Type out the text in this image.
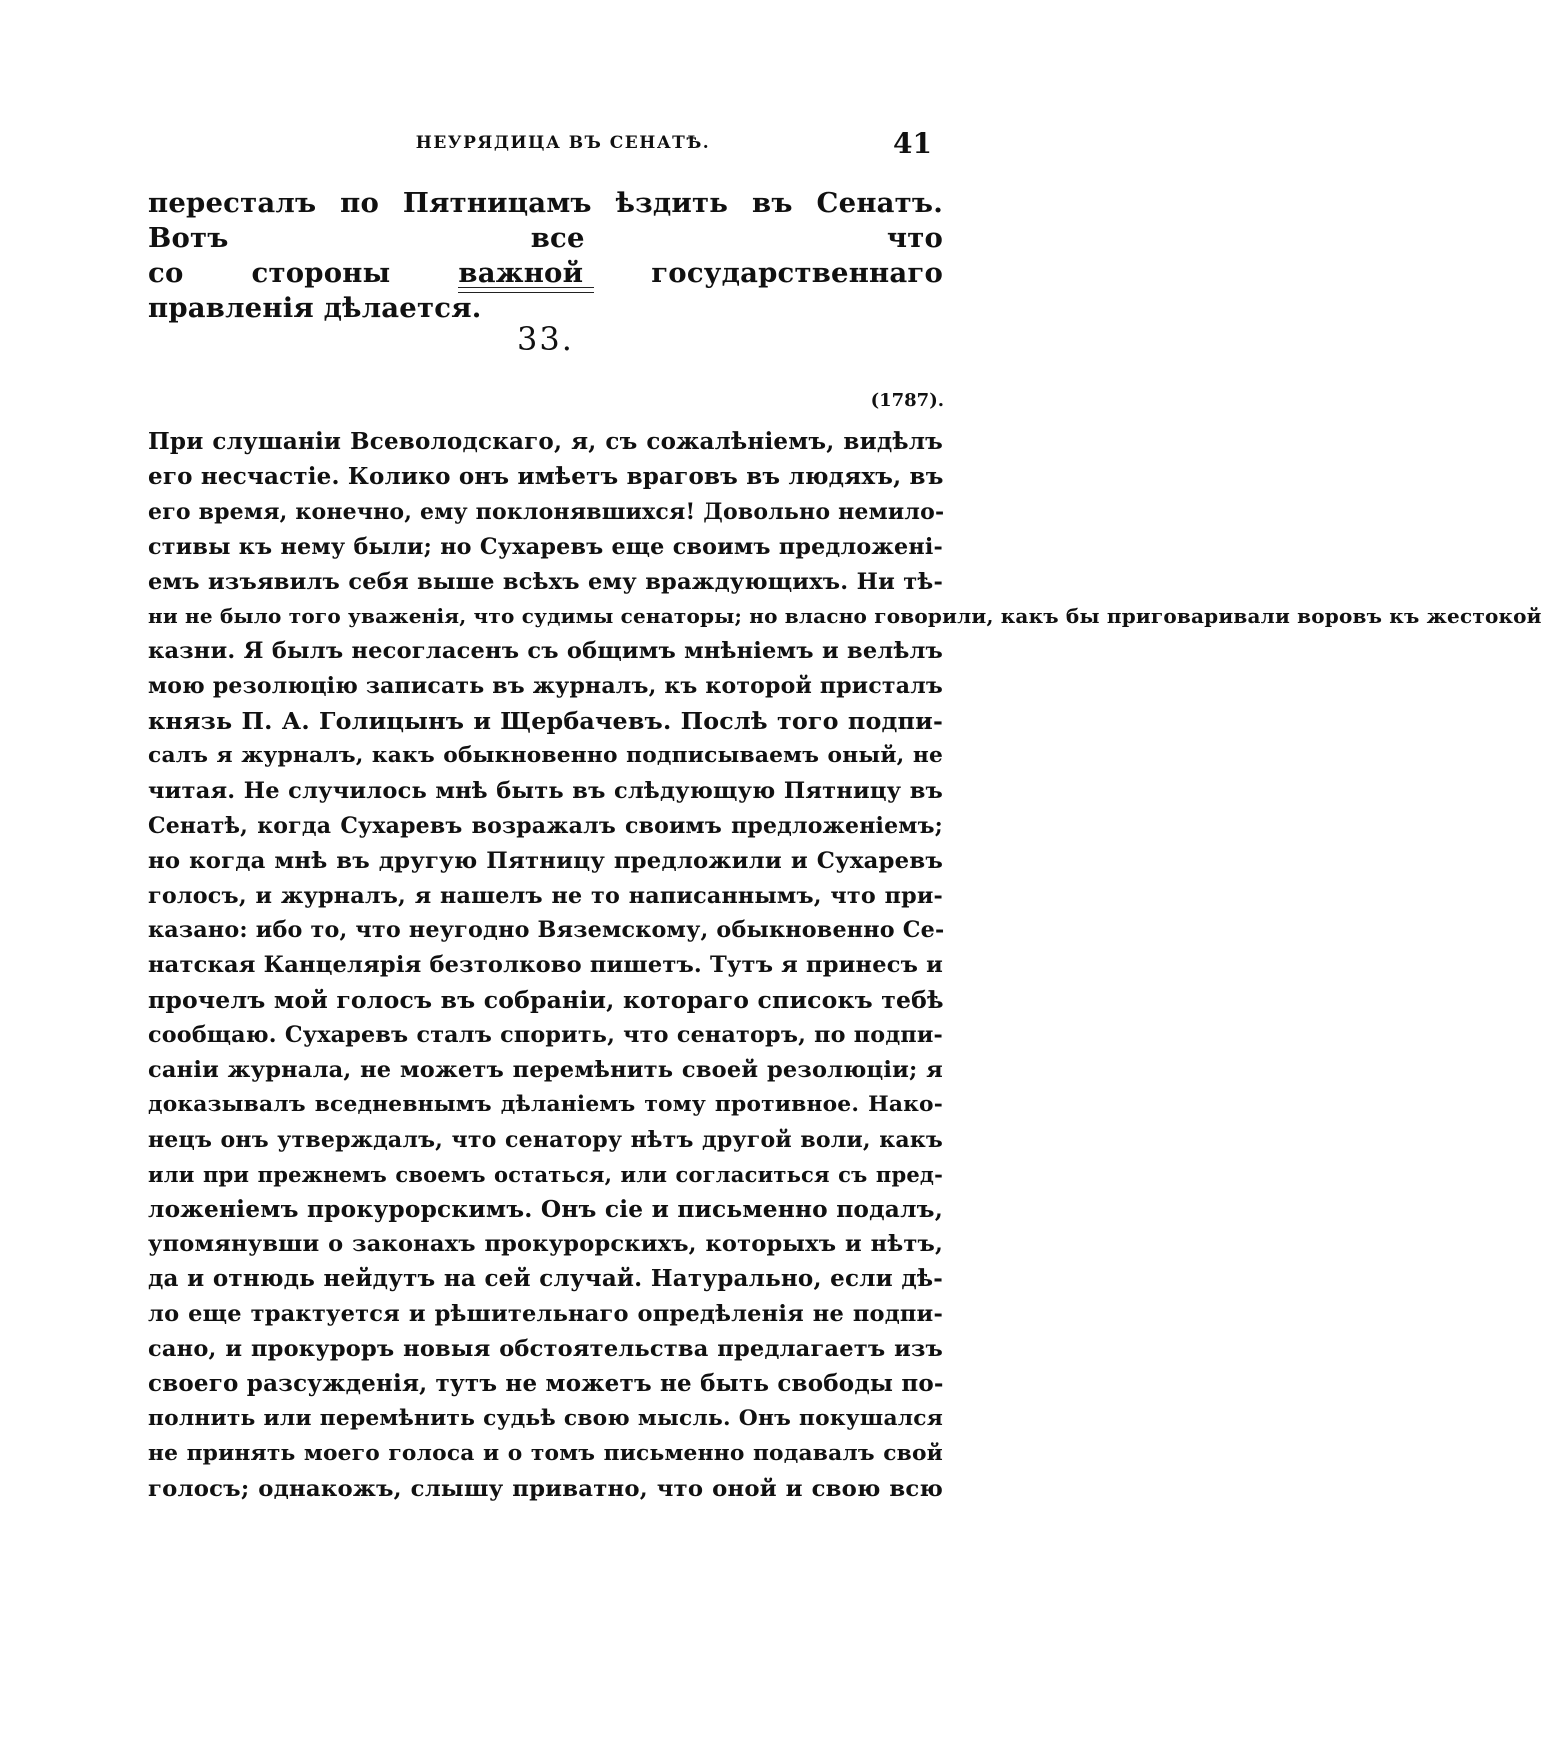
НЕУРЯДИЦА ВЪ СЕНАТѢ.	41

пересталъ по Пятницамъ ѣздить въ Сенатъ. Вотъ все что

со стороны важной государственнаго правленія дѣлается.

33.
(1787).

При слушаніи Всеволодскаго, я, съ сожалѣніемъ, видѣлъ

его несчастіе. Колико онъ имѣетъ враговъ въ людяхъ, въ

его время, конечно, ему поклонявшихся! Довольно немило-

стивы къ нему были; но Сухаревъ еще своимъ предложені-

емъ изъявилъ себя выше всѣхъ ему враждующихъ. Ни тѣ-

ни не было того уваженія, что судимы сенаторы; но власно говорили, какъ бы приговаривали воровъ къ жестокой

казни. Я былъ несогласенъ съ общимъ мнѣніемъ и велѣлъ

мою резолюцію записать въ журналъ, къ которой присталъ

князь П. А. Голицынъ и Щербачевъ. Послѣ того подпи-

салъ я журналъ, какъ обыкновенно подписываемъ оный, не

читая. Не случилось мнѣ быть въ слѣдующую Пятницу въ

Сенатѣ, когда Сухаревъ возражалъ своимъ предложеніемъ;

но когда мнѣ въ другую Пятницу предложили и Сухаревъ

голосъ, и журналъ, я нашелъ не то написаннымъ, что при-

казано: ибо то, что неугодно Вяземскому, обыкновенно Се-

натская Канцелярія безтолково пишетъ. Тутъ я принесъ и

прочелъ мой голосъ въ собраніи, котораго списокъ тебѣ

сообщаю. Сухаревъ сталъ спорить, что сенаторъ, по подпи-

саніи журнала, не можетъ перемѣнить своей резолюціи; я

доказывалъ вседневнымъ дѣланіемъ тому противное. Нако-

нецъ онъ утверждалъ, что сенатору нѣтъ другой воли, какъ

или при прежнемъ своемъ остаться, или согласиться съ пред-

ложеніемъ прокурорскимъ. Онъ сіе и письменно подалъ,

упомянувши о законахъ прокурорскихъ, которыхъ и нѣтъ,

да и отнюдь нейдутъ на сей случай. Натурально, если дѣ-

ло еще трактуется и рѣшительнаго опредѣленія не подпи-

сано, и прокуроръ новыя обстоятельства предлагаетъ изъ

своего разсужденія, тутъ не можетъ не быть свободы по-

полнить или перемѣнить судьѣ свою мысль. Онъ покушался

не принять моего голоса и о томъ письменно подавалъ свой

голосъ; однакожъ, слышу приватно, что оной и свою всю
